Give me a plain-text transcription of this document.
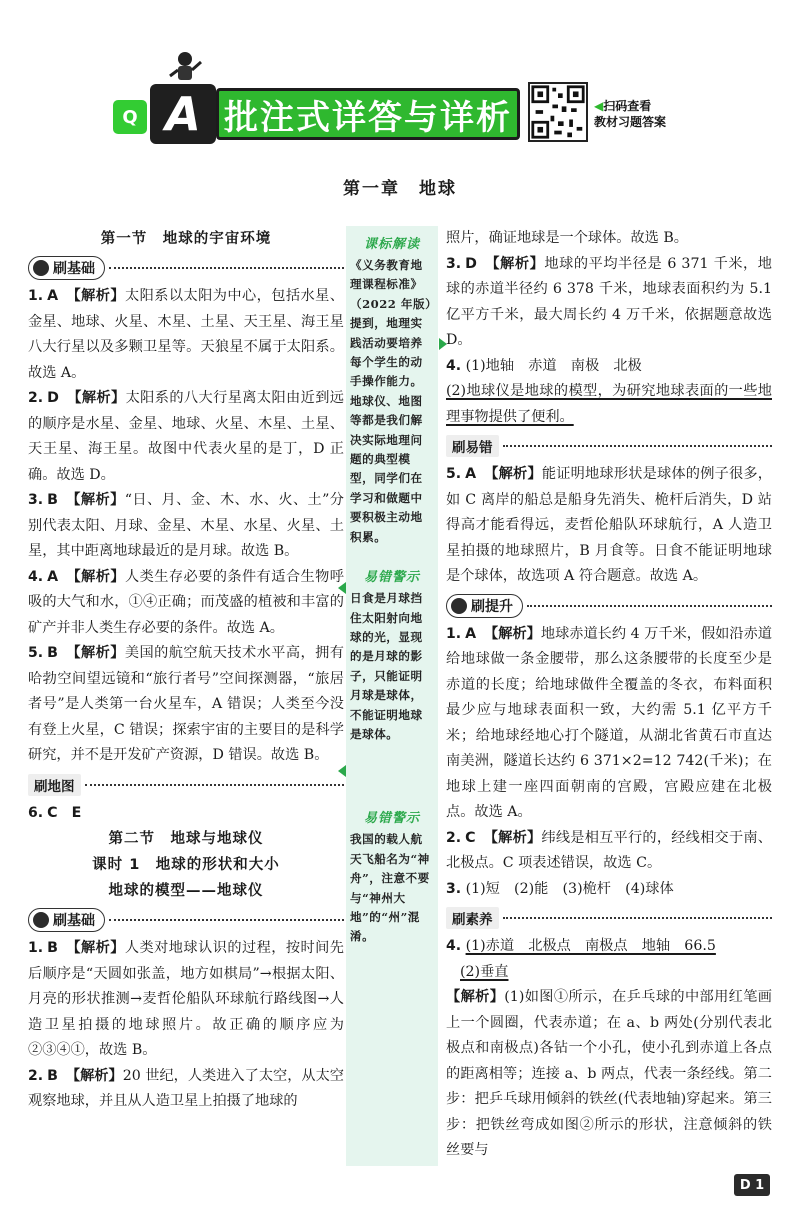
Q A 批注式详答与详析	◀扫码查看
教材习题答案
第一章　地球
第一节　地球的宇宙环境
刷基础
1. A 【解析】太阳系以太阳为中心，包括水星、金星、地球、火星、木星、土星、天王星、海王星八大行星以及多颗卫星等。天狼星不属于太阳系。故选 A。
2. D 【解析】太阳系的八大行星离太阳由近到远的顺序是水星、金星、地球、火星、木星、土星、天王星、海王星。故图中代表火星的是丁，D 正确。故选 D。
3. B 【解析】“日、月、金、木、水、火、土”分别代表太阳、月球、金星、木星、水星、火星、土星，其中距离地球最近的是月球。故选 B。
4. A 【解析】人类生存必要的条件有适合生物呼吸的大气和水，①④正确；而茂盛的植被和丰富的矿产并非人类生存必要的条件。故选 A。
5. B 【解析】美国的航空航天技术水平高，拥有哈勃空间望远镜和“旅行者号”空间探测器，“旅居者号”是人类第一台火星车，A 错误；人类至今没有登上火星，C 错误；探索宇宙的主要目的是科学研究，并不是开发矿产资源，D 错误。故选 B。
刷地图
6. C　E
第二节　地球与地球仪
课时 1　地球的形状和大小
地球的模型——地球仪
刷基础
1. B 【解析】人类对地球认识的过程，按时间先后顺序是“天圆如张盖，地方如棋局”→根据太阳、月亮的形状推测→麦哲伦船队环球航行路线图→人造卫星拍摄的地球照片。故正确的顺序应为②③④①，故选 B。
2. B 【解析】20 世纪，人类进入了太空，从太空观察地球，并且从人造卫星上拍摄了地球的
课标解读
《义务教育地理课程标准》（2022 年版）提到，地理实践活动要培养每个学生的动手操作能力。地球仪、地图等都是我们解决实际地理问题的典型模型，同学们在学习和做题中要积极主动地积累。
易错警示
日食是月球挡住太阳射向地球的光，显现的是月球的影子，只能证明月球是球体，不能证明地球是球体。
易错警示
我国的载人航天飞船名为“神舟”，注意不要与“神州大地”的“州”混淆。
照片，确证地球是一个球体。故选 B。
3. D 【解析】地球的平均半径是 6 371 千米，地球的赤道半径约 6 378 千米，地球表面积约为 5.1 亿平方千米，最大周长约 4 万千米，依据题意故选 D。
4. (1)地轴　赤道　南极　北极
(2)地球仪是地球的模型，为研究地球表面的一些地理事物提供了便利。
刷易错
5. A 【解析】能证明地球形状是球体的例子很多，如 C 离岸的船总是船身先消失、桅杆后消失，D 站得高才能看得远，麦哲伦船队环球航行，A 人造卫星拍摄的地球照片，B 月食等。日食不能证明地球是个球体，故选项 A 符合题意。故选 A。
刷提升
1. A 【解析】地球赤道长约 4 万千米，假如沿赤道给地球做一条金腰带，那么这条腰带的长度至少是赤道的长度；给地球做件全覆盖的冬衣，布料面积最少应与地球表面积一致，大约需 5.1 亿平方千米；给地球经地心打个隧道，从湖北省黄石市直达南美洲，隧道长达约 6 371×2=12 742(千米)；在地球上建一座四面朝南的宫殿，宫殿应建在北极点。故选 A。
2. C 【解析】纬线是相互平行的，经线相交于南、北极点。C 项表述错误，故选 C。
3. (1)短　(2)能　(3)桅杆　(4)球体
刷素养
4. (1)赤道　北极点　南极点　地轴　66.5
(2)垂直
【解析】(1)如图①所示，在乒乓球的中部用红笔画上一个圆圈，代表赤道；在 a、b 两处(分别代表北极点和南极点)各钻一个小孔，使小孔到赤道上各点的距离相等；连接 a、b 两点，代表一条经线。第二步：把乒乓球用倾斜的铁丝(代表地轴)穿起来。第三步：把铁丝弯成如图②所示的形状，注意倾斜的铁丝要与
D 1
